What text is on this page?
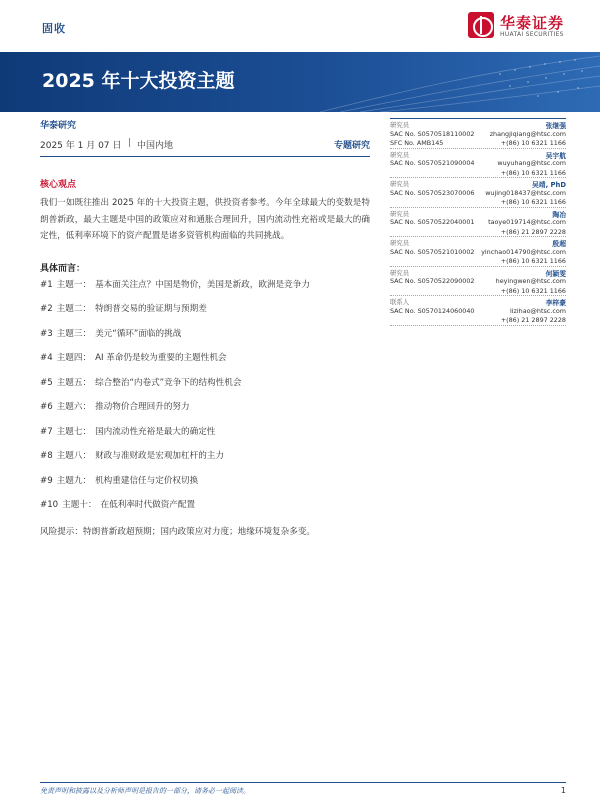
固收	华泰证券
HUATAI SECURITIES
2025 年十大投资主题
华泰研究
2025 年 1 月 07 日 | 中国内地	专题研究
核心观点

我们一如既往推出 2025 年的十大投资主题，供投资者参考。今年全球最大的变数是特朗普新政，最大主题是中国的政策应对和通胀合理回升，国内流动性充裕或是最大的确定性，低利率环境下的资产配置是诸多资管机构面临的共同挑战。

具体而言：
#1 主题一： 基本面关注点？中国是物价，美国是新政，欧洲是竞争力
#2 主题二： 特朗普交易的验证期与预期差
#3 主题三： 美元“循环”面临的挑战
#4 主题四： AI 革命仍是较为重要的主题性机会
#5 主题五： 综合整治“内卷式”竞争下的结构性机会
#6 主题六： 推动物价合理回升的努力
#7 主题七： 国内流动性充裕是最大的确定性
#8 主题八： 财政与准财政是宏观加杠杆的主力
#9 主题九： 机构重建信任与定价权切换
#10 主题十： 在低利率时代做资产配置
风险提示：特朗普新政超预期；国内政策应对力度；地缘环境复杂多变。
研究员	张继强
SAC No. S0570518110002 zhangjiqiang@htsc.com
SFC No. AMB145	+(86) 10 6321 1166
研究员	吴宇航
SAC No. S0570521090004	wuyuhang@htsc.com
+(86) 10 6321 1166
研究员	吴靖, PhD
SAC No. S0570523070006 wujing018437@htsc.com
+(86) 10 6321 1166
研究员	陶冶
SAC No. S0570522040001 taoye019714@htsc.com
+(86) 21 2897 2228
研究员	殷超
SAC No. S0570521010002 yinchao014790@htsc.com
+(86) 10 6321 1166
研究员	何颖雯
SAC No. S0570522090002	heyingwen@htsc.com
+(86) 10 6321 1166
联系人	李梓豪
SAC No. S0570124060040	lizihao@htsc.com
+(86) 21 2897 2228
免责声明和披露以及分析师声明是报告的一部分，请务必一起阅读。	1
